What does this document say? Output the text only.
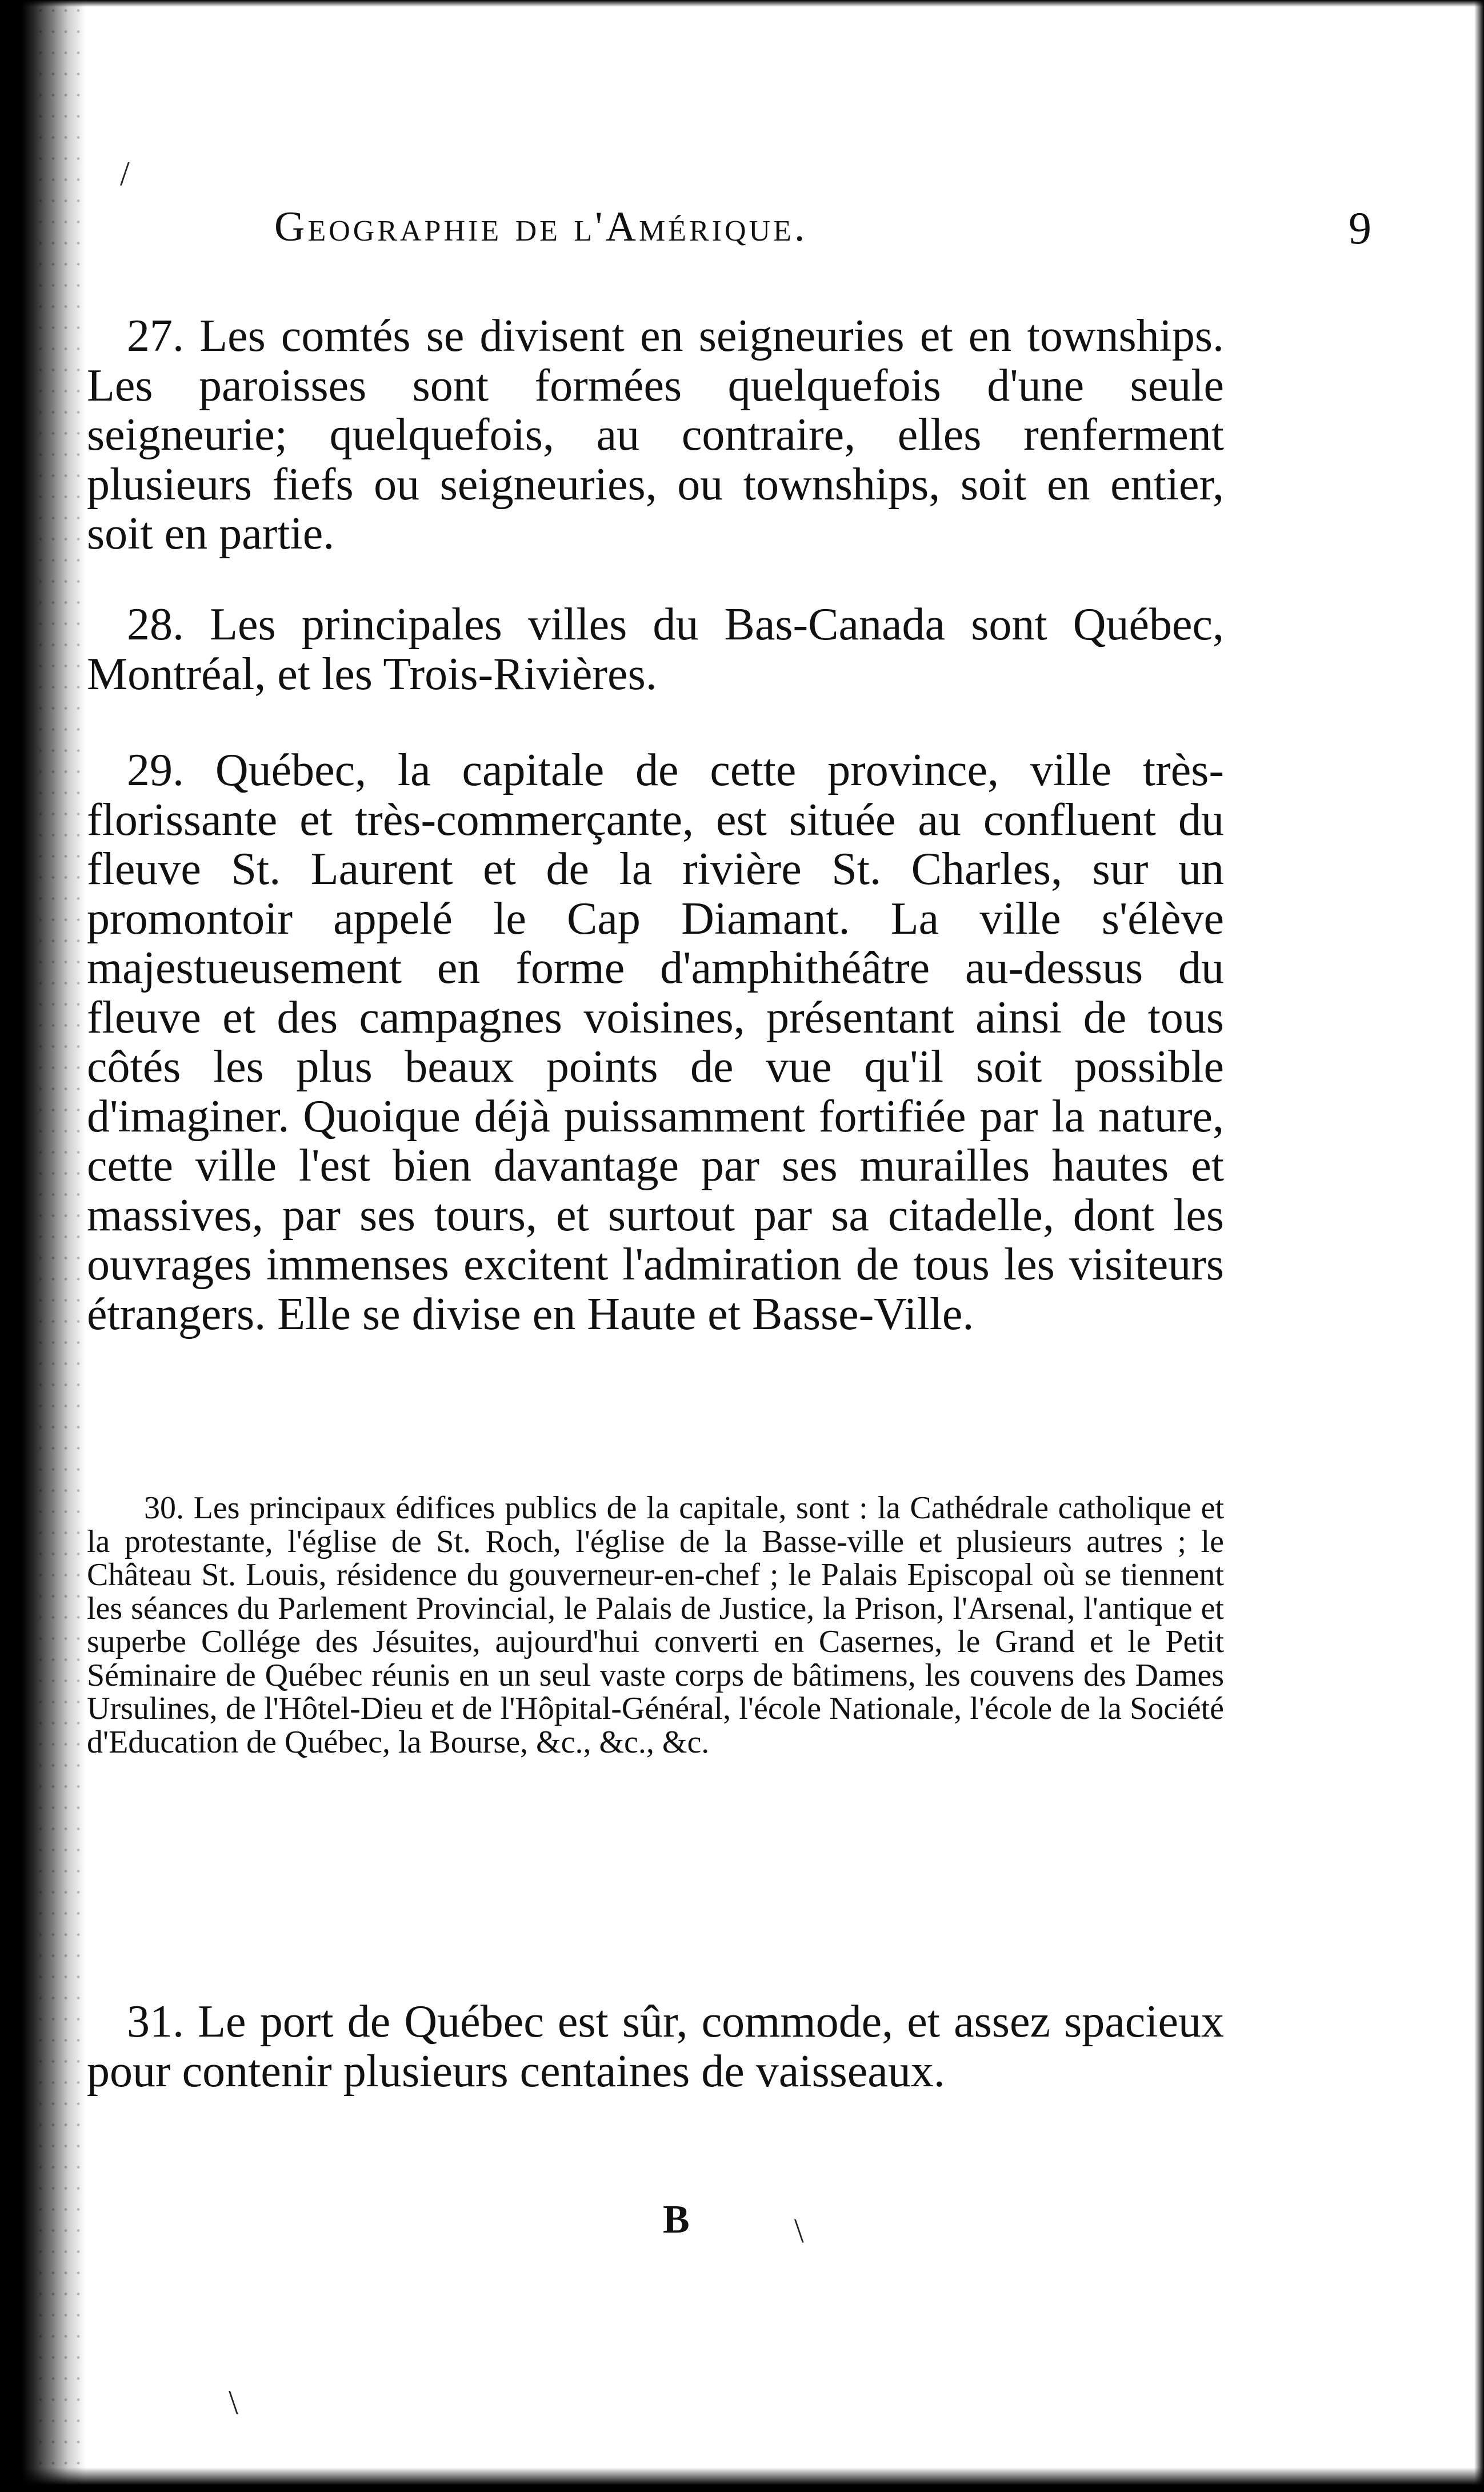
Geographie de l'Amérique.	9

27. Les comtés se divisent en seigneuries et en townships. Les paroisses sont formées quelquefois d'une seule seigneurie; quelquefois, au contraire, elles renferment plusieurs fiefs ou seigneuries, ou townships, soit en entier, soit en partie.

28. Les principales villes du Bas-Canada sont Québec, Montréal, et les Trois-Rivières.

29. Québec, la capitale de cette province, ville très-florissante et très-commerçante, est située au confluent du fleuve St. Laurent et de la rivière St. Charles, sur un promontoir appelé le Cap Diamant. La ville s'élève majestueusement en forme d'amphithéâtre au-dessus du fleuve et des campagnes voisines, présentant ainsi de tous côtés les plus beaux points de vue qu'il soit possible d'imaginer. Quoique déjà puissamment fortifiée par la nature, cette ville l'est bien davantage par ses murailles hautes et massives, par ses tours, et surtout par sa citadelle, dont les ouvrages immenses excitent l'admiration de tous les visiteurs étrangers. Elle se divise en Haute et Basse-Ville.

30. Les principaux édifices publics de la capitale, sont : la Cathédrale catholique et la protestante, l'église de St. Roch, l'église de la Basse-ville et plusieurs autres ; le Château St. Louis, résidence du gouverneur-en-chef ; le Palais Episcopal où se tiennent les séances du Parlement Provincial, le Palais de Justice, la Prison, l'Arsenal, l'antique et superbe Collége des Jésuites, aujourd'hui converti en Casernes, le Grand et le Petit Séminaire de Québec réunis en un seul vaste corps de bâtimens, les couvens des Dames Ursulines, de l'Hôtel-Dieu et de l'Hôpital-Général, l'école Nationale, l'école de la Société d'Education de Québec, la Bourse, &c., &c., &c.

31. Le port de Québec est sûr, commode, et assez spacieux pour contenir plusieurs centaines de vaisseaux.

B
/
\
\
